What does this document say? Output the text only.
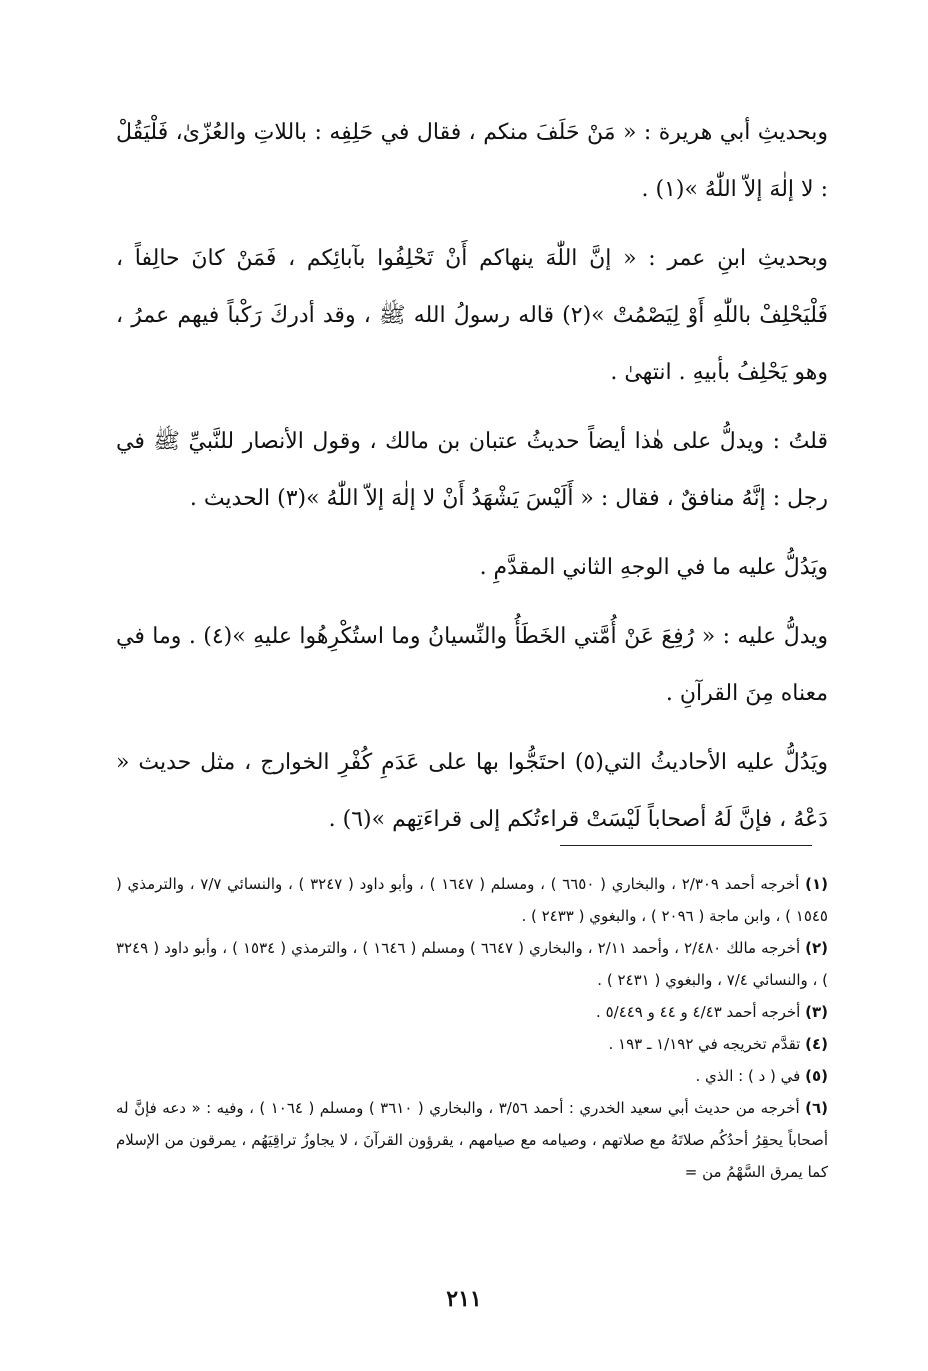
وبحديثِ أبي هريرة : « مَنْ حَلَفَ منكم ، فقال في حَلِفِه : باللاتِ والعُزّىٰ، فَلْيَقُلْ : لا إلٰهَ إلاّ اللّٰهُ »(١) .

وبحديثِ ابنِ عمر : « إنَّ اللّٰهَ ينهاكم أَنْ تَحْلِفُوا بآبائِكم ، فَمَنْ كانَ حالِفاً ، فَلْيَحْلِفْ باللّٰهِ أَوْ لِيَصْمُتْ »(٢) قاله رسولُ الله ﷺ ، وقد أدركَ رَكْباً فيهم عمرُ ، وهو يَحْلِفُ بأبيهِ . انتهىٰ .

قلتُ : ويدلُّ على هٰذا أيضاً حديثُ عتبان بن مالك ، وقول الأنصار للنَّبيِّ ﷺ في رجل : إنَّهُ منافقٌ ، فقال : « أَلَيْسَ يَشْهَدُ أَنْ لا إلٰهَ إلاّ اللّٰهُ »(٣) الحديث .

ويَدُلُّ عليه ما في الوجهِ الثاني المقدَّمِ .

ويدلُّ عليه : « رُفِعَ عَنْ أُمَّتي الخَطَأُ والنِّسيانُ وما استُكْرِهُوا عليهِ »(٤) . وما في معناه مِنَ القرآنِ .

ويَدُلُّ عليه الأحاديثُ التي(٥) احتَجُّوا بها على عَدَمِ كُفْرِ الخوارج ، مثل حديث « دَعْهُ ، فإنَّ لَهُ أصحاباً لَيْسَتْ قراءتُكم إلى قراءَتِهم »(٦) .

(١) أخرجه أحمد ٢/٣٠٩ ، والبخاري ( ٦٦٥٠ ) ، ومسلم ( ١٦٤٧ ) ، وأبو داود ( ٣٢٤٧ ) ، والنسائي ٧/٧ ، والترمذي ( ١٥٤٥ ) ، وابن ماجة ( ٢٠٩٦ ) ، والبغوي ( ٢٤٣٣ ) .

(٢) أخرجه مالك ٢/٤٨٠ ، وأحمد ٢/١١ ، والبخاري ( ٦٦٤٧ ) ومسلم ( ١٦٤٦ ) ، والترمذي ( ١٥٣٤ ) ، وأبو داود ( ٣٢٤٩ ) ، والنسائي ٧/٤ ، والبغوي ( ٢٤٣١ ) .

(٣) أخرجه أحمد ٤/٤٣ و ٤٤ و ٥/٤٤٩ .

(٤) تقدَّم تخريجه في ١/١٩٢ ـ ١٩٣ .

(٥) في ( د ) : الذي .

(٦) أخرجه من حديث أبي سعيد الخدري : أحمد ٣/٥٦ ، والبخاري ( ٣٦١٠ ) ومسلم ( ١٠٦٤ ) ، وفيه : « دعه فإنَّ له أصحاباً يحقِرُ أحدُكُم صلاتَهُ مع صلاتهم ، وصيامه مع صيامهم ، يقرؤون القرآنَ ، لا يجاوزُ تراقِيَهُم ، يمرقون من الإسلام كما يمرق السَّهْمُ من =

٢١١
